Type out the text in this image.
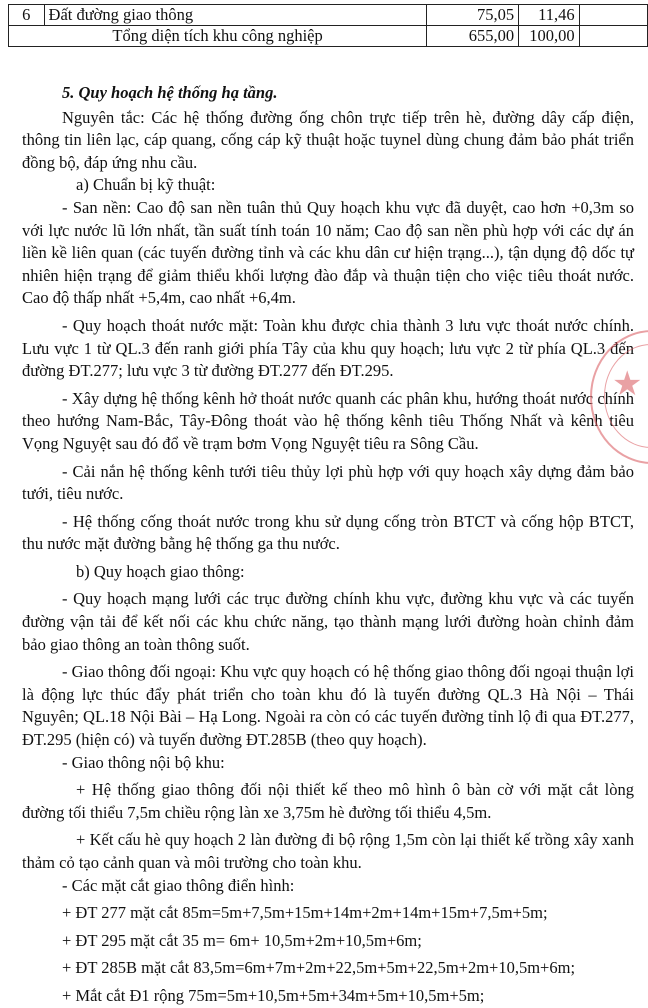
6	Đất đường giao thông	75,05	11,46	
Tổng diện tích khu công nghiệp		655,00	100,00	
5. Quy hoạch hệ thống hạ tầng.

Nguyên tắc: Các hệ thống đường ống chôn trực tiếp trên hè, đường dây cấp điện, thông tin liên lạc, cáp quang, cống cáp kỹ thuật hoặc tuynel dùng chung đảm bảo phát triển đồng bộ, đáp ứng nhu cầu.

a) Chuẩn bị kỹ thuật:

- San nền: Cao độ san nền tuân thủ Quy hoạch khu vực đã duyệt, cao hơn +0,3m so với lực nước lũ lớn nhất, tần suất tính toán 10 năm; Cao độ san nền phù hợp với các dự án liền kề liên quan (các tuyến đường tỉnh và các khu dân cư hiện trạng...), tận dụng độ dốc tự nhiên hiện trạng để giảm thiểu khối lượng đào đắp và thuận tiện cho việc tiêu thoát nước. Cao độ thấp nhất +5,4m, cao nhất +6,4m.

- Quy hoạch thoát nước mặt: Toàn khu được chia thành 3 lưu vực thoát nước chính. Lưu vực 1 từ QL.3 đến ranh giới phía Tây của khu quy hoạch; lưu vực 2 từ phía QL.3 đến đường ĐT.277; lưu vực 3 từ đường ĐT.277 đến ĐT.295.

- Xây dựng hệ thống kênh hở thoát nước quanh các phân khu, hướng thoát nước chính theo hướng Nam-Bắc, Tây-Đông thoát vào hệ thống kênh tiêu Thống Nhất và kênh tiêu Vọng Nguyệt sau đó đổ về trạm bơm Vọng Nguyệt tiêu ra Sông Cầu.

- Cải nắn hệ thống kênh tưới tiêu thủy lợi phù hợp với quy hoạch xây dựng đảm bảo tưới, tiêu nước.

- Hệ thống cống thoát nước trong khu sử dụng cống tròn BTCT và cống hộp BTCT, thu nước mặt đường bằng hệ thống ga thu nước.

b) Quy hoạch giao thông:

- Quy hoạch mạng lưới các trục đường chính khu vực, đường khu vực và các tuyến đường vận tải để kết nối các khu chức năng, tạo thành mạng lưới đường hoàn chỉnh đảm bảo giao thông an toàn thông suốt.

- Giao thông đối ngoại: Khu vực quy hoạch có hệ thống giao thông đối ngoại thuận lợi là động lực thúc đẩy phát triển cho toàn khu đó là tuyến đường QL.3 Hà Nội – Thái Nguyên; QL.18 Nội Bài – Hạ Long. Ngoài ra còn có các tuyến đường tỉnh lộ đi qua ĐT.277, ĐT.295 (hiện có) và tuyến đường ĐT.285B (theo quy hoạch).

- Giao thông nội bộ khu:

+ Hệ thống giao thông đối nội thiết kế theo mô hình ô bàn cờ với mặt cắt lòng đường tối thiểu 7,5m chiều rộng làn xe 3,75m hè đường tối thiểu 4,5m.

+ Kết cấu hè quy hoạch 2 làn đường đi bộ rộng 1,5m còn lại thiết kế trồng xây xanh thảm cỏ tạo cảnh quan và môi trường cho toàn khu.

- Các mặt cắt giao thông điển hình:

+ ĐT 277 mặt cắt 85m=5m+7,5m+15m+14m+2m+14m+15m+7,5m+5m;

+ ĐT 295 mặt cắt 35 m= 6m+ 10,5m+2m+10,5m+6m;

+ ĐT 285B mặt cắt 83,5m=6m+7m+2m+22,5m+5m+22,5m+2m+10,5m+6m;

+ Mắt cắt Đ1 rộng 75m=5m+10,5m+5m+34m+5m+10,5m+5m;

★
